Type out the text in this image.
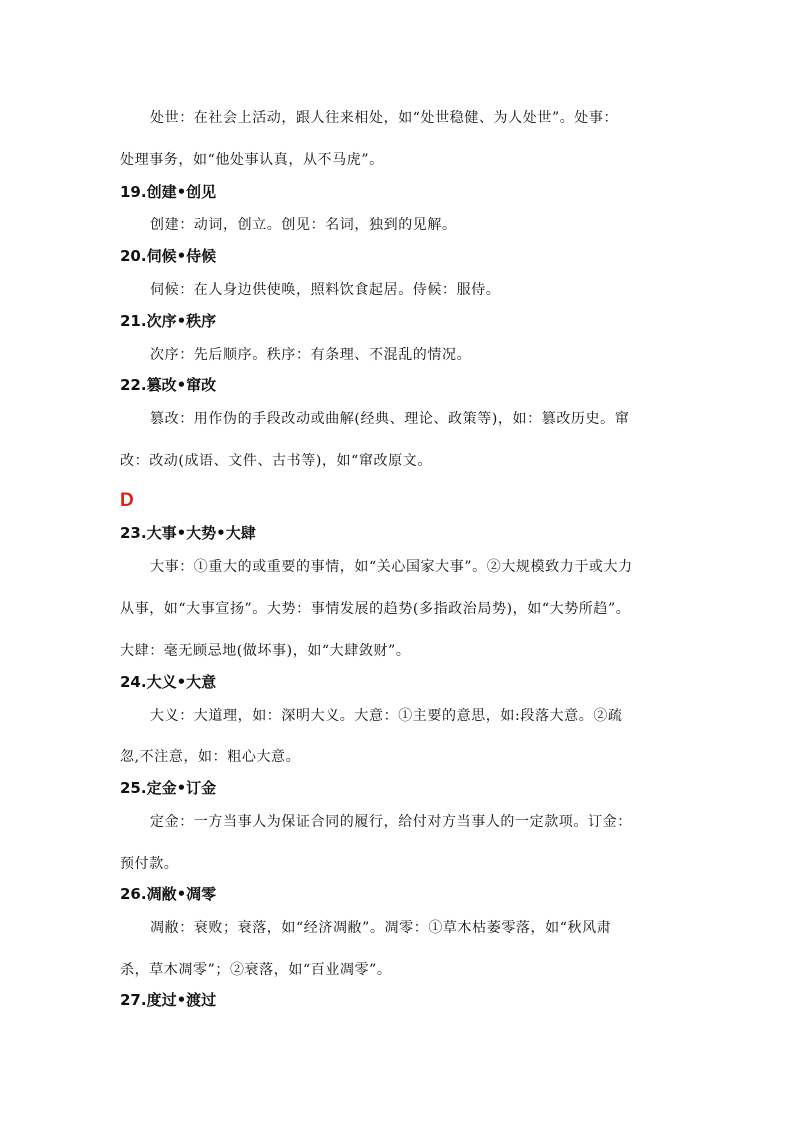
处世：在社会上活动，跟人往来相处，如“处世稳健、为人处世”。处事：
处理事务，如“他处事认真，从不马虎”。
19.创建•创见
创建：动词，创立。创见：名词，独到的见解。
20.伺候•侍候
伺候：在人身边供使唤，照料饮食起居。侍候：服侍。
21.次序•秩序
次序：先后顺序。秩序：有条理、不混乱的情况。
22.篡改•窜改
篡改：用作伪的手段改动或曲解(经典、理论、政策等)，如：篡改历史。窜
改：改动(成语、文件、古书等)，如“窜改原文。
D
23.大事•大势•大肆
大事：①重大的或重要的事情，如“关心国家大事”。②大规模致力于或大力
从事，如“大事宣扬”。大势：事情发展的趋势(多指政治局势)，如“大势所趋”。
大肆：毫无顾忌地(做坏事)，如“大肆敛财”。
24.大义•大意
大义：大道理，如：深明大义。大意：①主要的意思，如:段落大意。②疏
忽,不注意，如：粗心大意。
25.定金•订金
定金：一方当事人为保证合同的履行，给付对方当事人的一定款项。订金：
预付款。
26.凋敝•凋零
凋敝：衰败；衰落，如“经济凋敝”。凋零：①草木枯萎零落，如“秋风肃
杀，草木凋零”；②衰落，如“百业凋零”。
27.度过•渡过
